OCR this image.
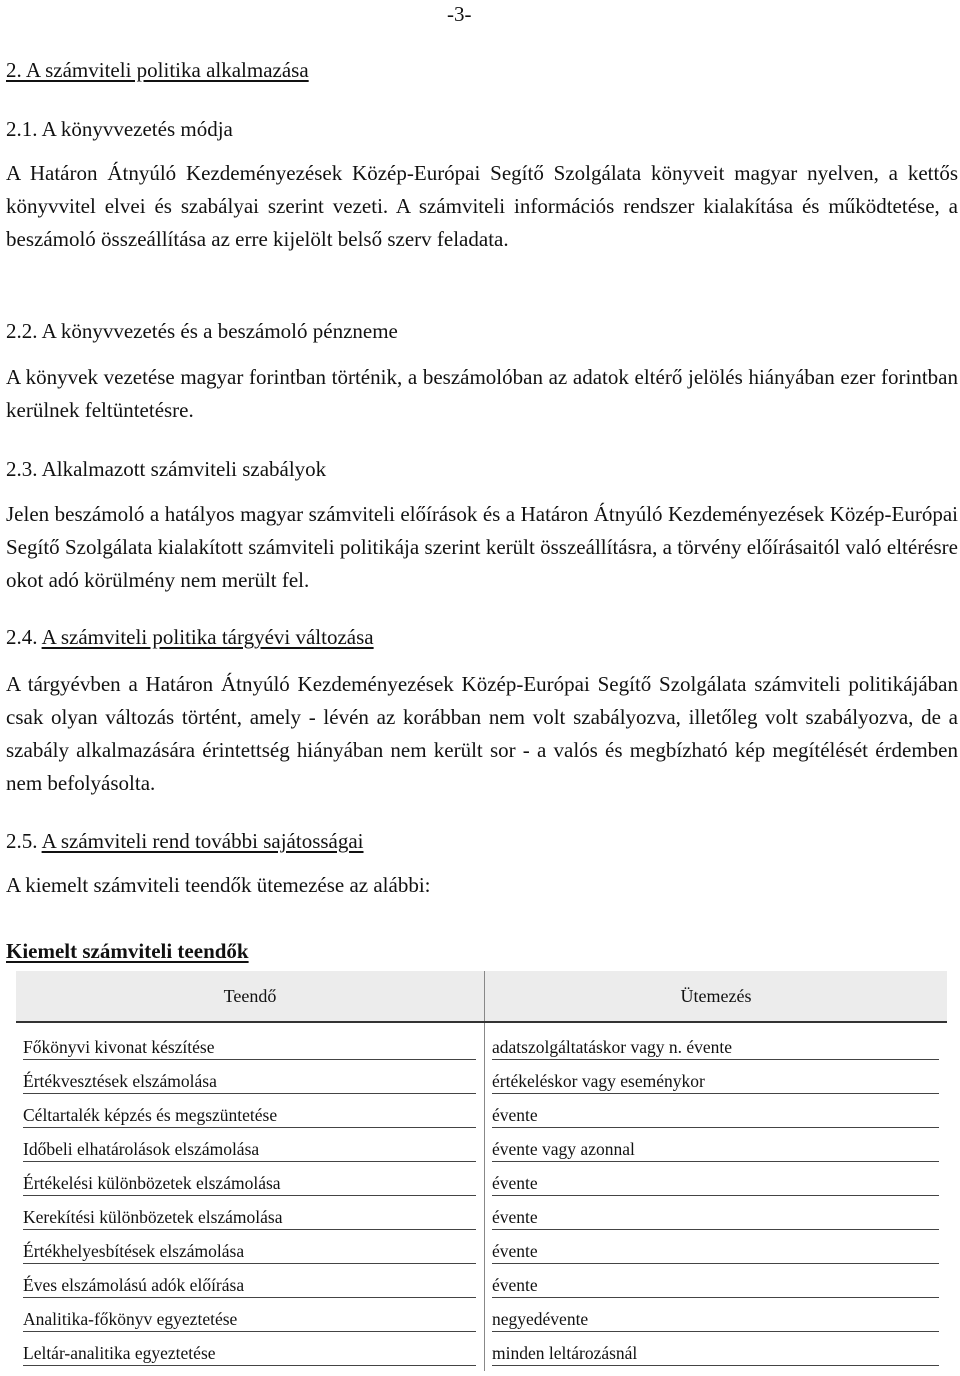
-3-
2. A számviteli politika alkalmazása
2.1. A könyvvezetés módja
A Határon Átnyúló Kezdeményezések Közép-Európai Segítő Szolgálata könyveit magyar nyelven, a kettős könyvvitel elvei és szabályai szerint vezeti. A számviteli információs rendszer kialakítása és működtetése, a beszámoló összeállítása az erre kijelölt belső szerv feladata.
2.2. A könyvvezetés és a beszámoló pénzneme
A könyvek vezetése magyar forintban történik, a beszámolóban az adatok eltérő jelölés hiányában ezer forintban kerülnek feltüntetésre.
2.3. Alkalmazott számviteli szabályok
Jelen beszámoló a hatályos magyar számviteli előírások és a Határon Átnyúló Kezdeményezések Közép-Európai Segítő Szolgálata kialakított számviteli politikája szerint került összeállításra, a törvény előírásaitól való eltérésre okot adó körülmény nem merült fel.
2.4. A számviteli politika tárgyévi változása
A tárgyévben a Határon Átnyúló Kezdeményezések Közép-Európai Segítő Szolgálata számviteli politikájában csak olyan változás történt, amely - lévén az korábban nem volt szabályozva, illetőleg volt szabályozva, de a szabály alkalmazására érintettség hiányában nem került sor - a valós és megbízható kép megítélését érdemben nem befolyásolta.
2.5. A számviteli rend további sajátosságai
A kiemelt számviteli teendők ütemezése az alábbi:
Kiemelt számviteli teendők
Teendő	Ütemezés

Főkönyvi kivonat készítése	adatszolgáltatáskor vagy n. évente

Értékvesztések elszámolása	értékeléskor vagy eseménykor

Céltartalék képzés és megszüntetése	évente

Időbeli elhatárolások elszámolása	évente vagy azonnal

Értékelési különbözetek elszámolása	évente

Kerekítési különbözetek elszámolása	évente

Értékhelyesbítések elszámolása	évente

Éves elszámolású adók előírása	évente

Analitika-főkönyv egyeztetése	negyedévente

Leltár-analitika egyeztetése	minden leltározásnál
